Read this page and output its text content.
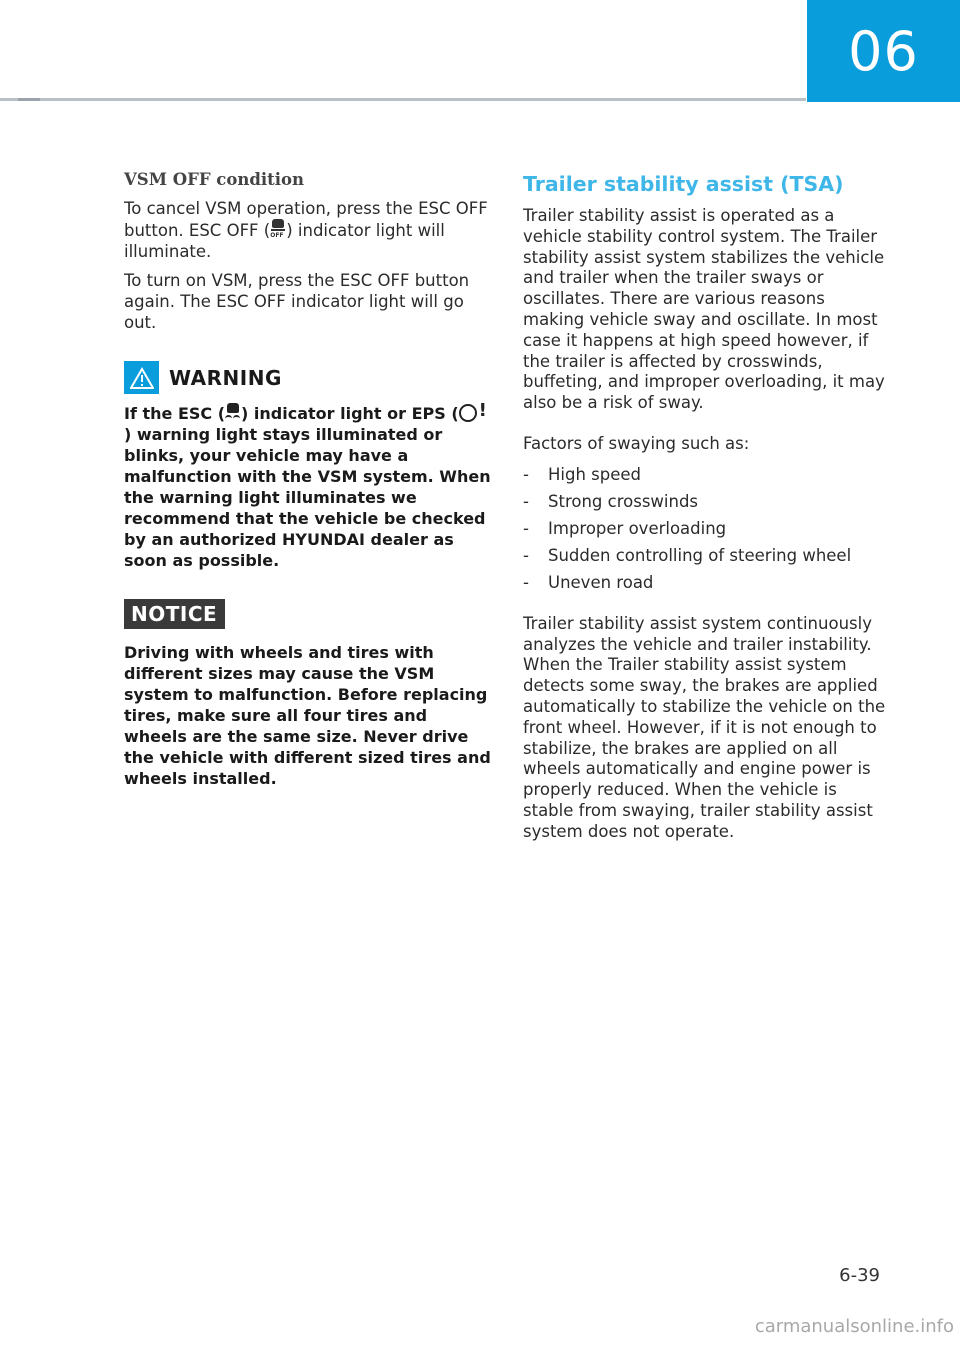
06
VSM OFF condition

To cancel VSM operation, press the ESC OFF button. ESC OFF ( OFF ) indicator light will illuminate.

To turn on VSM, press the ESC OFF button again. The ESC OFF indicator light will go out.

WARNING

If the ESC ( ) indicator light or EPS ( !
) warning light stays illuminated or blinks, your vehicle may have a malfunction with the VSM system. When the warning light illuminates we recommend that the vehicle be checked by an authorized HYUNDAI dealer as soon as possible.

NOTICE

Driving with wheels and tires with different sizes may cause the VSM system to malfunction. Before replacing tires, make sure all four tires and wheels are the same size. Never drive the vehicle with different sized tires and wheels installed.

Trailer stability assist (TSA)

Trailer stability assist is operated as a vehicle stability control system. The Trailer stability assist system stabilizes the vehicle and trailer when the trailer sways or oscillates. There are various reasons making vehicle sway and oscillate. In most case it happens at high speed however, if the trailer is affected by crosswinds, buffeting, and improper overloading, it may also be a risk of sway.

Factors of swaying such as:

-	High speed
-	Strong crosswinds
-	Improper overloading
-	Sudden controlling of steering wheel
-	Uneven road

Trailer stability assist system continuously analyzes the vehicle and trailer instability. When the Trailer stability assist system detects some sway, the brakes are applied automatically to stabilize the vehicle on the front wheel. However, if it is not enough to stabilize, the brakes are applied on all wheels automatically and engine power is properly reduced. When the vehicle is stable from swaying, trailer stability assist system does not operate.

6-39
carmanualsonline.info
